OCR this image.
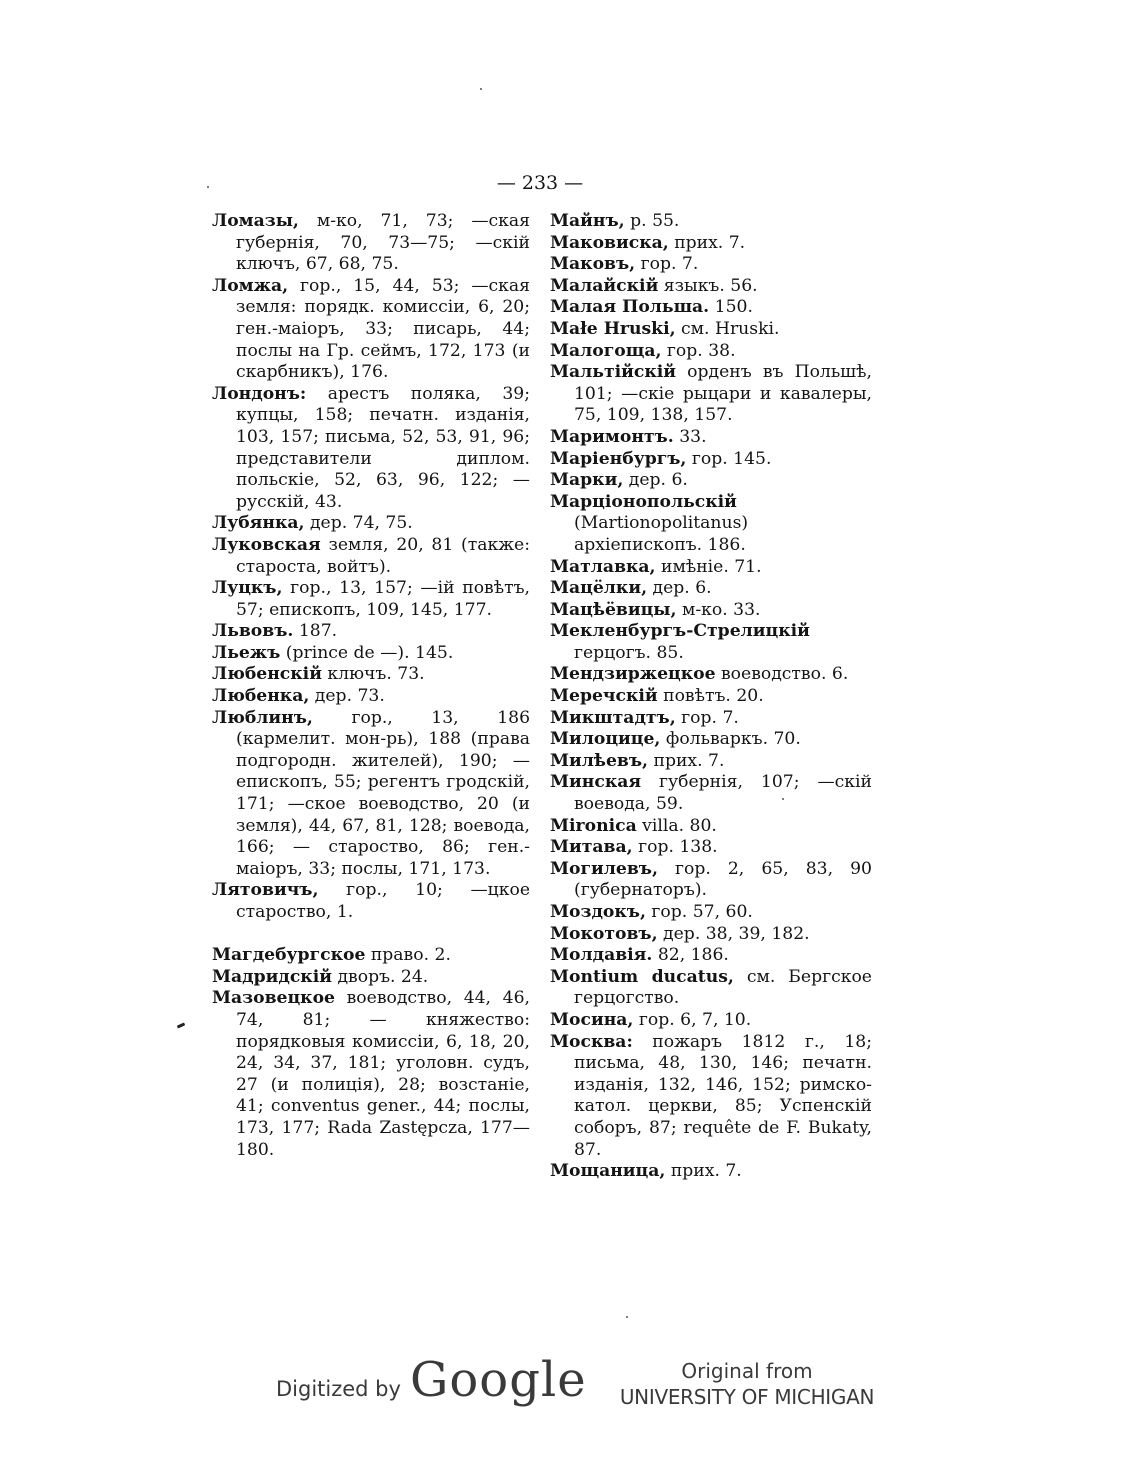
— 233 —

Ломазы, м-ко, 71, 73; —ская губернія, 70, 73—75; —скій ключъ, 67, 68, 75.

Ломжа, гор., 15, 44, 53; —ская земля: порядк. комиссіи, 6, 20; ген.-маіоръ, 33; писарь, 44; послы на Гр. сеймъ, 172, 173 (и скарбникъ), 176.

Лондонъ: арестъ поляка, 39; купцы, 158; печатн. изданія, 103, 157; письма, 52, 53, 91, 96; представители диплом. польскіе, 52, 63, 96, 122; — русскій, 43.

Лубянка, дер. 74, 75.

Луковская земля, 20, 81 (также: староста, войтъ).

Луцкъ, гор., 13, 157; —ій повѣтъ, 57; епископъ, 109, 145, 177.

Львовъ. 187.

Льежъ (prince de —). 145.

Любенскій ключъ. 73.

Любенка, дер. 73.

Люблинъ, гор., 13, 186 (кармелит. мон-рь), 188 (права подгородн. жителей), 190; — епископъ, 55; регентъ гродскій, 171; —ское воеводство, 20 (и земля), 44, 67, 81, 128; воевода, 166; — староство, 86; ген.-маіоръ, 33; послы, 171, 173.

Лятовичъ, гор., 10; —цкое староство, 1.

Магдебургское право. 2.

Мадридскій дворъ. 24.

Мазовецкое воеводство, 44, 46, 74, 81; — княжество: порядковыя комиссіи, 6, 18, 20, 24, 34, 37, 181; уголовн. судъ, 27 (и полиція), 28; возстаніе, 41; conventus gener., 44; послы, 173, 177; Rada Zastępcza, 177—180.

Майнъ, р. 55.

Маковиска, прих. 7.

Маковъ, гор. 7.

Малайскій языкъ. 56.

Малая Польша. 150.

Małe Hruski, см. Hruski.

Малогоща, гор. 38.

Мальтійскій орденъ въ Польшѣ, 101; —скіе рыцари и кавалеры, 75, 109, 138, 157.

Маримонтъ. 33.

Маріенбургъ, гор. 145.

Марки, дер. 6.

Марціонопольскій (Martionopolitanus) архіепископъ. 186.

Матлавка, имѣніе. 71.

Мацёлки, дер. 6.

Мацѣёвицы, м-ко. 33.

Мекленбургъ-Стрелицкій герцогъ. 85.

Мендзиржецкое воеводство. 6.

Меречскій повѣтъ. 20.

Микштадтъ, гор. 7.

Милоцице, фольваркъ. 70.

Милѣевъ, прих. 7.

Минская губернія, 107; —скій воевода, 59.

Mironica villa. 80.

Митава, гор. 138.

Могилевъ, гор. 2, 65, 83, 90 (губернаторъ).

Моздокъ, гор. 57, 60.

Мокотовъ, дер. 38, 39, 182.

Молдавія. 82, 186.

Montium ducatus, см. Бергское герцогство.

Мосина, гор. 6, 7, 10.

Москва: пожаръ 1812 г., 18; письма, 48, 130, 146; печатн. изданія, 132, 146, 152; римско-катол. церкви, 85; Успенскій соборъ, 87; requête de F. Bukaty, 87.

Мощаница, прих. 7.

Digitized by Google	Original from
UNIVERSITY OF MICHIGAN
